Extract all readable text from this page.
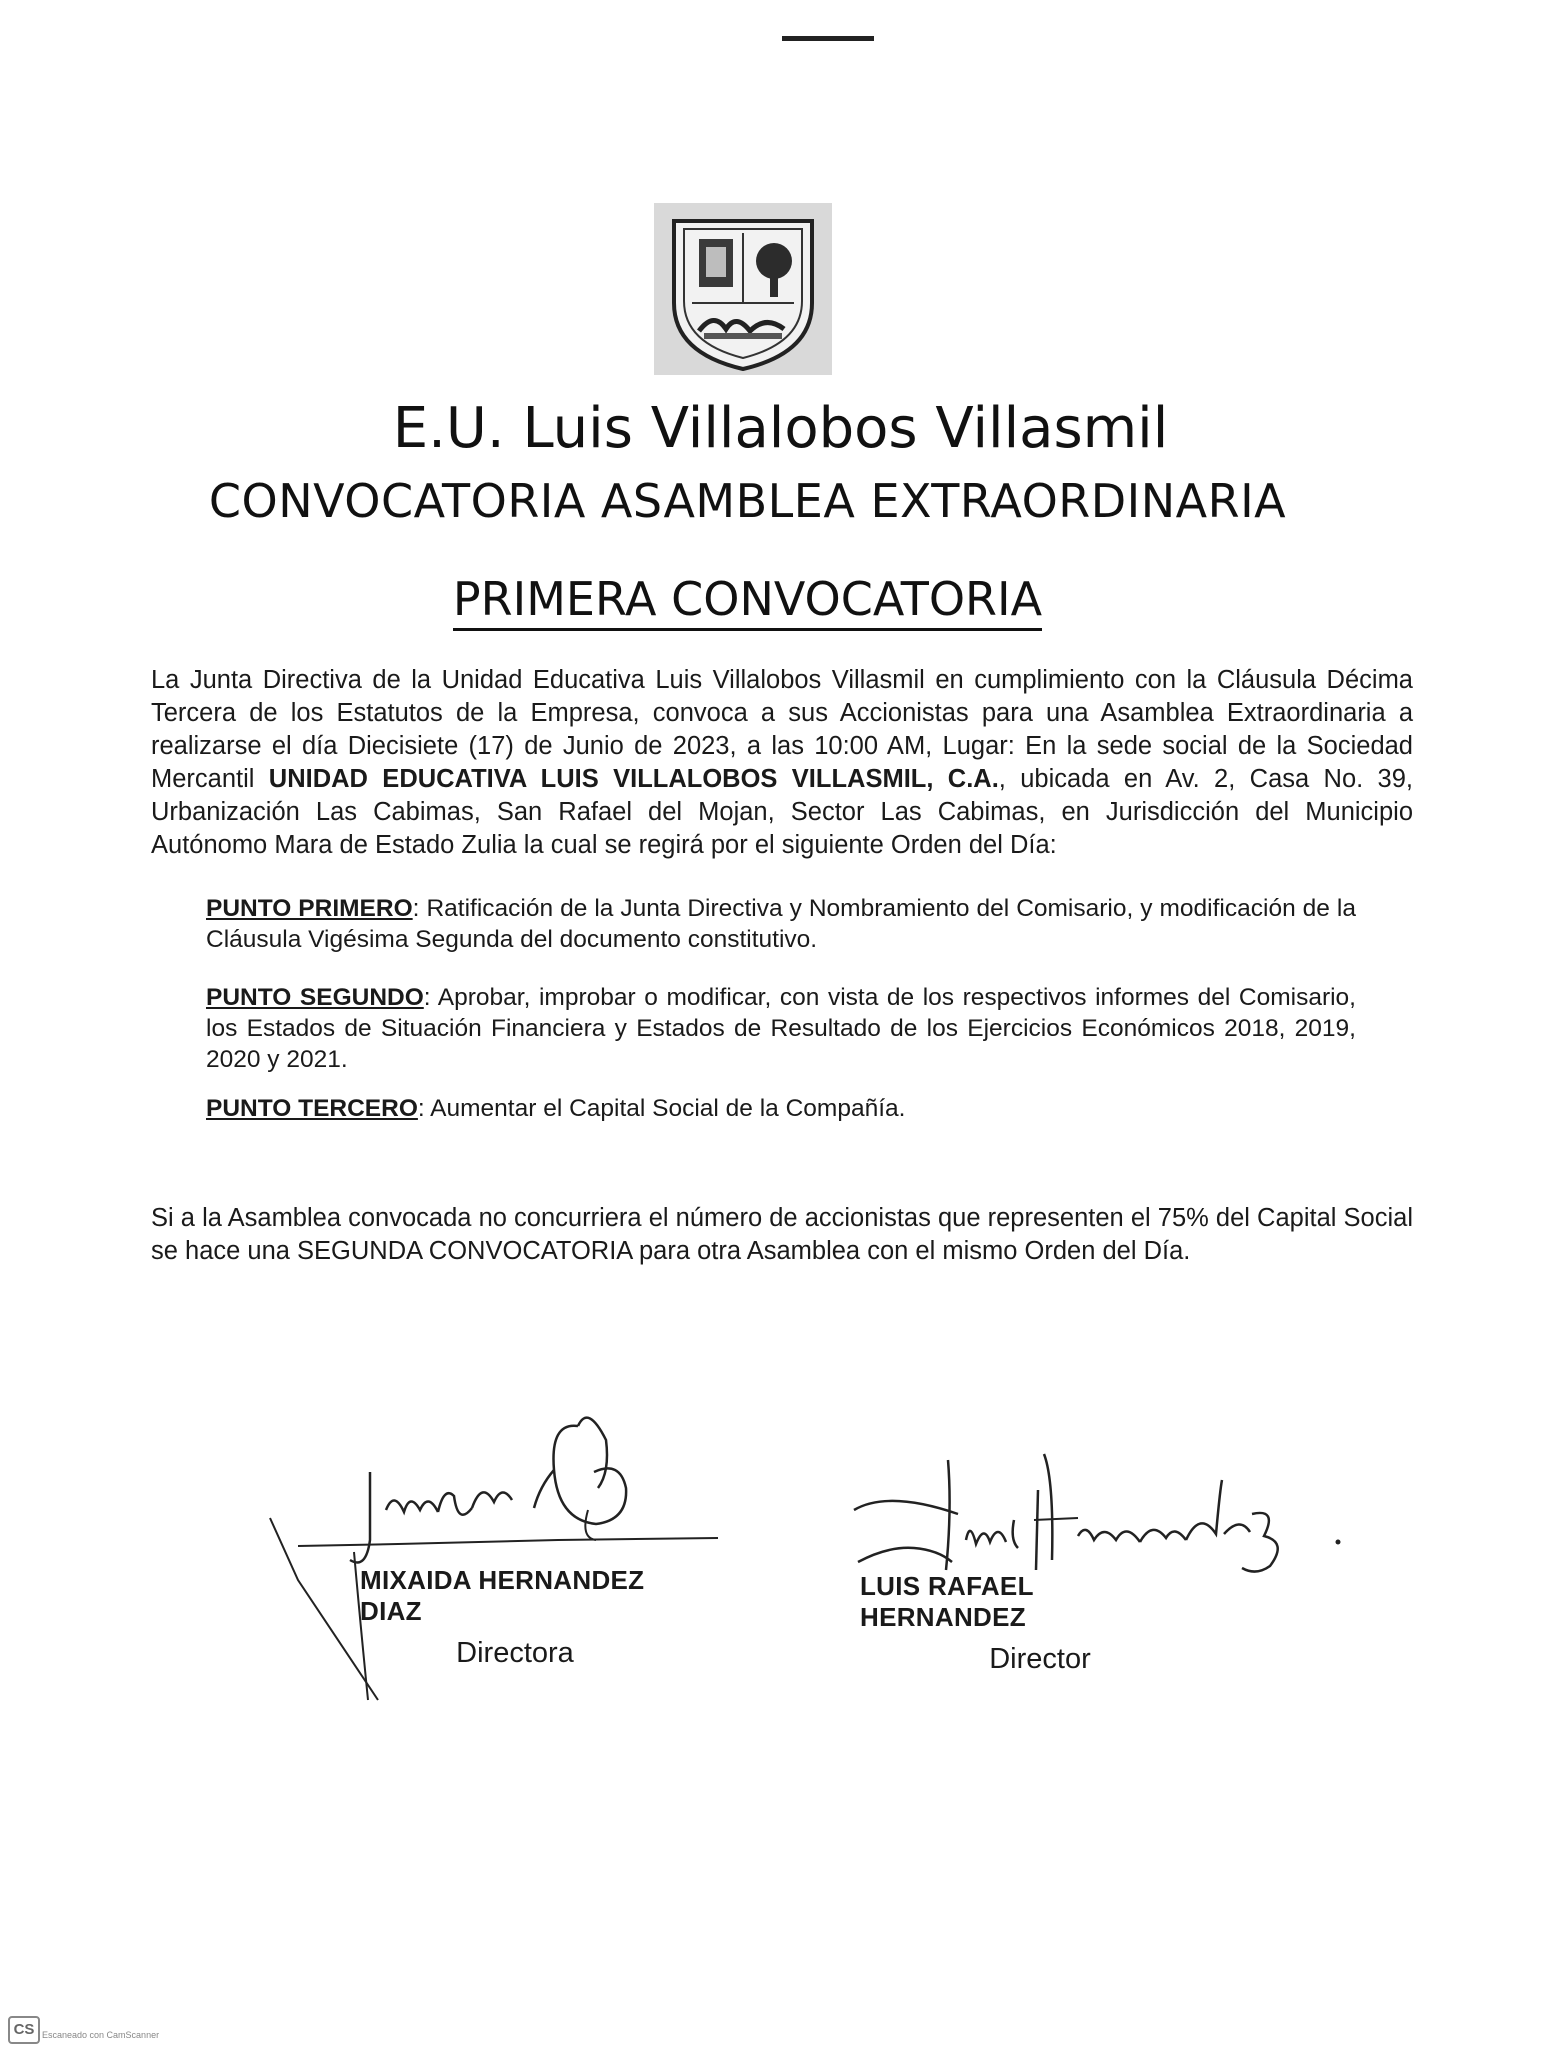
E.U. Luis Villalobos Villasmil
CONVOCATORIA ASAMBLEA EXTRAORDINARIA
PRIMERA CONVOCATORIA
La Junta Directiva de la Unidad Educativa Luis Villalobos Villasmil en cumplimiento con la Cláusula Décima Tercera de los Estatutos de la Empresa, convoca a sus Accionistas para una Asamblea Extraordinaria a realizarse el día Diecisiete (17) de Junio de 2023, a las 10:00 AM, Lugar: En la sede social de la Sociedad Mercantil UNIDAD EDUCATIVA LUIS VILLALOBOS VILLASMIL, C.A., ubicada en Av. 2, Casa No. 39, Urbanización Las Cabimas, San Rafael del Mojan, Sector Las Cabimas, en Jurisdicción del Municipio Autónomo Mara de Estado Zulia la cual se regirá por el siguiente Orden del Día:
PUNTO PRIMERO: Ratificación de la Junta Directiva y Nombramiento del Comisario, y modificación de la Cláusula Vigésima Segunda del documento constitutivo.
PUNTO SEGUNDO: Aprobar, improbar o modificar, con vista de los respectivos informes del Comisario, los Estados de Situación Financiera y Estados de Resultado de los Ejercicios Económicos 2018, 2019, 2020 y 2021.
PUNTO TERCERO: Aumentar el Capital Social de la Compañía.
Si a la Asamblea convocada no concurriera el número de accionistas que representen el 75% del Capital Social se hace una SEGUNDA CONVOCATORIA para otra Asamblea con el mismo Orden del Día.
MIXAIDA HERNANDEZ DIAZ
Directora
LUIS RAFAEL HERNANDEZ
Director
CS Escaneado con CamScanner
